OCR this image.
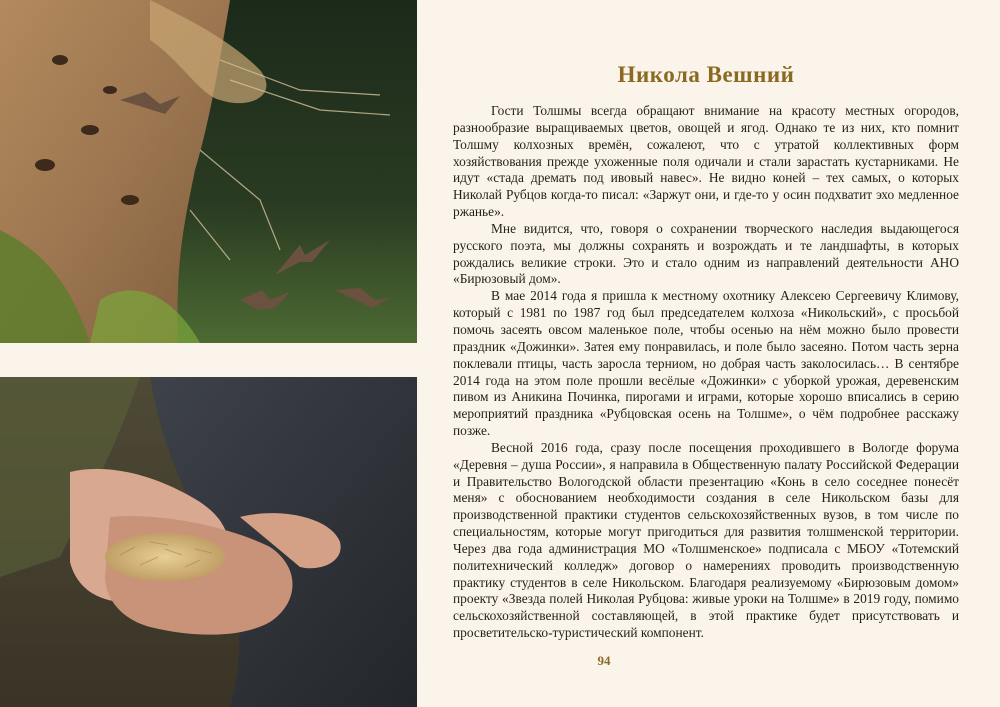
Никола Вешний

Гости Толшмы всегда обращают внимание на красоту местных огородов, разнообразие выращиваемых цветов, овощей и ягод. Однако те из них, кто помнит Толшму колхозных времён, сожалеют, что с утратой коллективных форм хозяйствования прежде ухоженные поля одичали и стали зарастать кустарниками. Не идут «стада дремать под ивовый навес». Не видно коней – тех самых, о которых Николай Рубцов когда-то писал: «Заржут они, и где-то у осин подхватит эхо медленное ржанье».

Мне видится, что, говоря о сохранении творческого наследия выдающегося русского поэта, мы должны сохранять и возрождать и те ландшафты, в которых рождались великие строки. Это и стало одним из направлений деятельности АНО «Бирюзовый дом».

В мае 2014 года я пришла к местному охотнику Алексею Сергеевичу Климову, который с 1981 по 1987 год был председателем колхоза «Никольский», с просьбой помочь засеять овсом маленькое поле, чтобы осенью на нём можно было провести праздник «Дожинки». Затея ему понравилась, и поле было засеяно. Потом часть зерна поклевали птицы, часть заросла терниом, но добрая часть заколосилась… В сентябре 2014 года на этом поле прошли весёлые «Дожинки» с уборкой урожая, деревенским пивом из Аникина Починка, пирогами и играми, которые хорошо вписались в серию мероприятий праздника «Рубцовская осень на Толшме», о чём подробнее расскажу позже.

Весной 2016 года, сразу после посещения проходившего в Вологде форума «Деревня – душа России», я направила в Общественную палату Российской Федерации и Правительство Вологодской области презентацию «Конь в село соседнее понесёт меня» с обоснованием необходимости создания в селе Никольском базы для производственной практики студентов сельскохозяйственных вузов, в том числе по специальностям, которые могут пригодиться для развития толшменской территории. Через два года администрация МО «Толшменское» подписала с МБОУ «Тотемский политехнический колледж» договор о намерениях проводить производственную практику студентов в селе Никольском. Благодаря реализуемому «Бирюзовым домом» проекту «Звезда полей Николая Рубцова: живые уроки на Толшме» в 2019 году, помимо сельскохозяйственной составляющей, в этой практике будет присутствовать и просветительско-туристический компонент.

94
